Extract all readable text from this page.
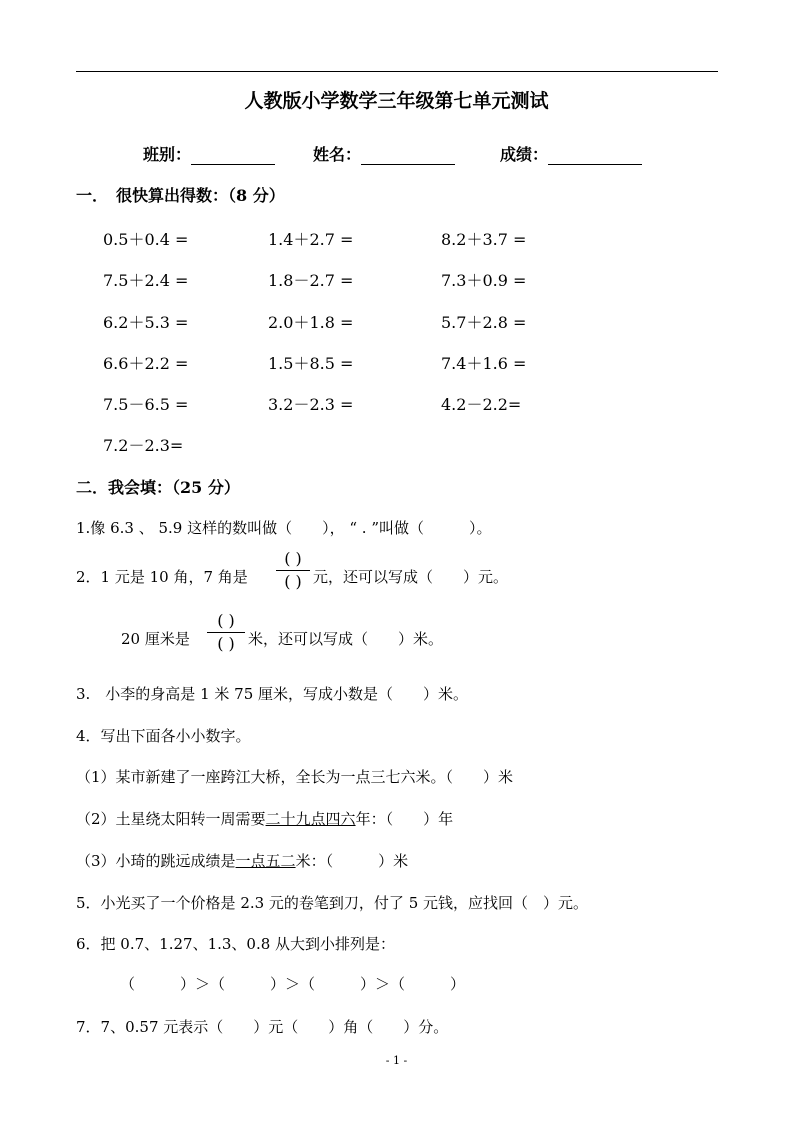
人教版小学数学三年级第七单元测试
班别：	姓名：	成绩：
一．　很快算出得数：（8 分）
0.5＋0.4 =	1.4＋2.7 =	8.2＋3.7 =
7.5＋2.4 =	1.8－2.7 =	7.3＋0.9 =
6.2＋5.3 =	2.0＋1.8 =	5.7＋2.8 =
6.6＋2.2 =	1.5＋8.5 =	7.4＋1.6 =
7.5－6.5 =	3.2－2.3 =	4.2－2.2=
7.2－2.3=
二．我会填：（25 分）
1.像 6.3 、 5.9 这样的数叫做（　　）， “ . ”叫做（　　　）。
2．1 元是 10 角，7 角是
( )
( ) 元，还可以写成（　　）元。
20 厘米是
( )
( ) 米，还可以写成（　　）米。
3.　小李的身高是 1 米 75 厘米，写成小数是（　　）米。
4．写出下面各小小数字。
（1）某市新建了一座跨江大桥，全长为一点三七六米。（　　）米
（2）土星绕太阳转一周需要二十九点四六年：（　　）年
（3）小琦的跳远成绩是一点五二米：（　　　）米
5．小光买了一个价格是 2.3 元的卷笔到刀，付了 5 元钱，应找回（　）元。
6．把 0.7、1.27、1.3、0.8 从大到小排列是：
（　　　）＞（　　　）＞（　　　）＞（　　　）
7．7、0.57 元表示（　　）元（　　）角（　　）分。
- 1 -
